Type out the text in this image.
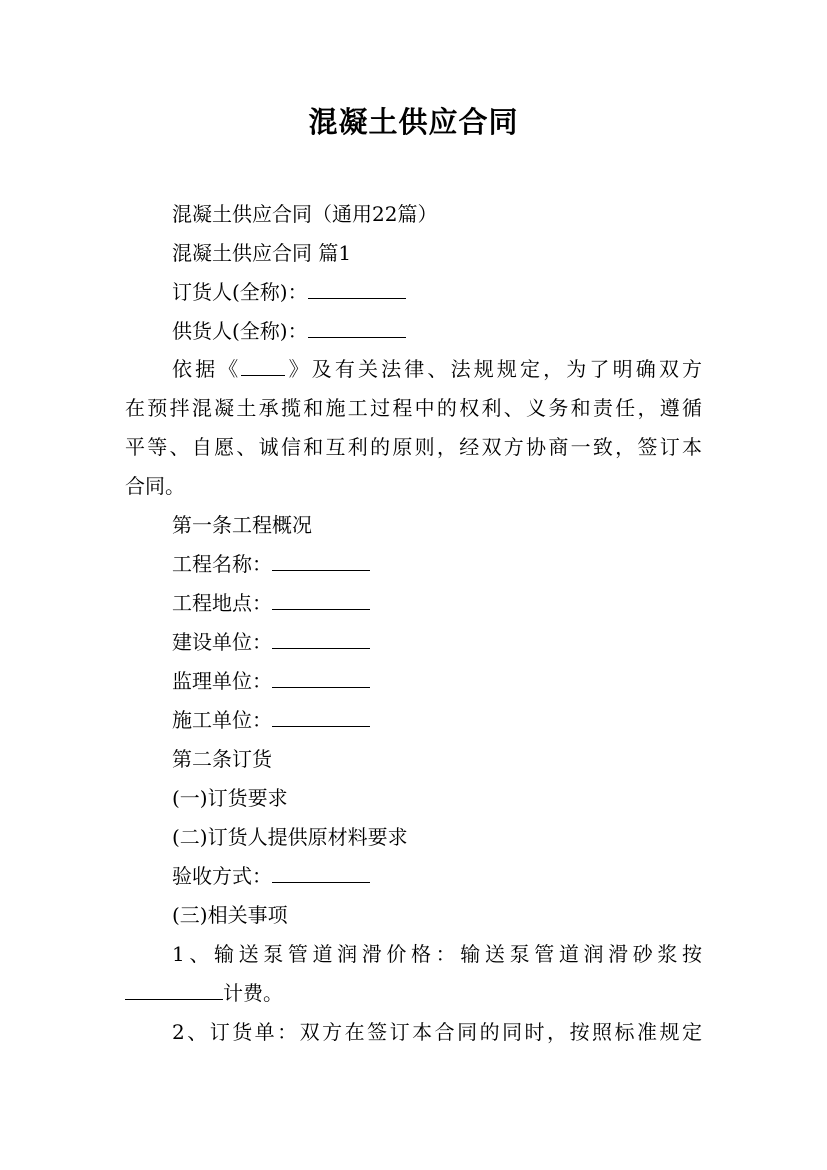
混凝土供应合同
混凝土供应合同（通用22篇）
混凝土供应合同 篇1
订货人(全称)：
供货人(全称)：
依据《 》及有关法律、法规规定，为了明确双方
在预拌混凝土承揽和施工过程中的权利、义务和责任，遵循
平等、自愿、诚信和互利的原则，经双方协商一致，签订本
合同。
第一条工程概况
工程名称：
工程地点：
建设单位：
监理单位：
施工单位：
第二条订货
(一)订货要求
(二)订货人提供原材料要求
验收方式：
(三)相关事项
1、输送泵管道润滑价格：输送泵管道润滑砂浆按
计费。
2、订货单：双方在签订本合同的同时，按照标准规定
